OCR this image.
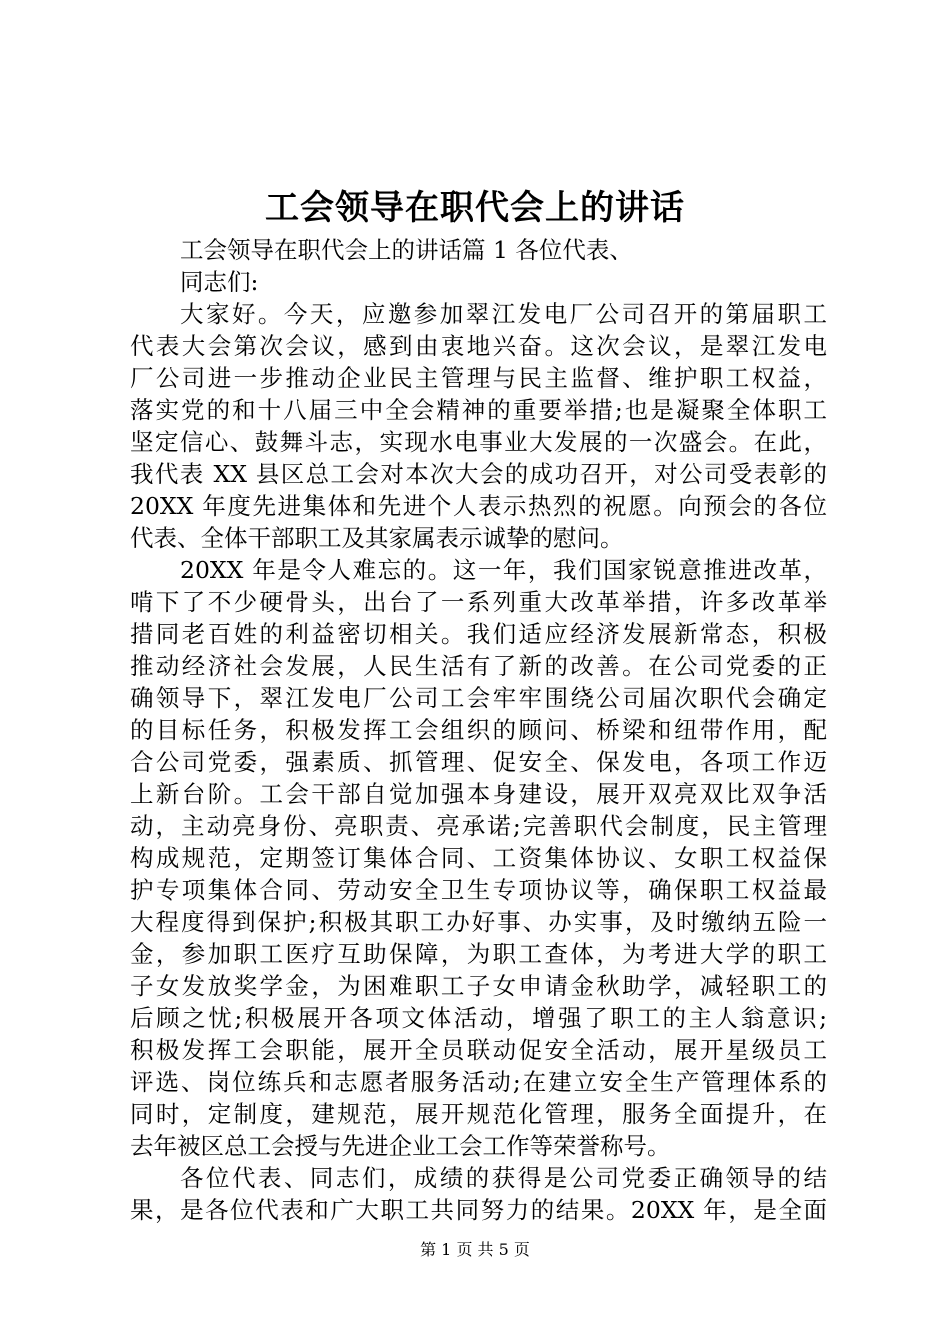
工会领导在职代会上的讲话
工会领导在职代会上的讲话篇 1 各位代表、
同志们:
大家好。今天，应邀参加翠江发电厂公司召开的第届职工
代表大会第次会议，感到由衷地兴奋。这次会议，是翠江发电
厂公司进一步推动企业民主管理与民主监督、维护职工权益，
落实党的和十八届三中全会精神的重要举措;也是凝聚全体职工
坚定信心、鼓舞斗志，实现水电事业大发展的一次盛会。在此，
我代表 XX 县区总工会对本次大会的成功召开，对公司受表彰的
20XX 年度先进集体和先进个人表示热烈的祝愿。向预会的各位
代表、全体干部职工及其家属表示诚挚的慰问。
20XX 年是令人难忘的。这一年，我们国家锐意推进改革，
啃下了不少硬骨头，出台了一系列重大改革举措，许多改革举
措同老百姓的利益密切相关。我们适应经济发展新常态，积极
推动经济社会发展，人民生活有了新的改善。在公司党委的正
确领导下，翠江发电厂公司工会牢牢围绕公司届次职代会确定
的目标任务，积极发挥工会组织的顾问、桥梁和纽带作用，配
合公司党委，强素质、抓管理、促安全、保发电，各项工作迈
上新台阶。工会干部自觉加强本身建设，展开双亮双比双争活
动，主动亮身份、亮职责、亮承诺;完善职代会制度，民主管理
构成规范，定期签订集体合同、工资集体协议、女职工权益保
护专项集体合同、劳动安全卫生专项协议等，确保职工权益最
大程度得到保护;积极其职工办好事、办实事，及时缴纳五险一
金，参加职工医疗互助保障，为职工查体，为考进大学的职工
子女发放奖学金，为困难职工子女申请金秋助学，减轻职工的
后顾之忧;积极展开各项文体活动，增强了职工的主人翁意识;
积极发挥工会职能，展开全员联动促安全活动，展开星级员工
评选、岗位练兵和志愿者服务活动;在建立安全生产管理体系的
同时，定制度，建规范，展开规范化管理，服务全面提升，在
去年被区总工会授与先进企业工会工作等荣誉称号。
各位代表、同志们，成绩的获得是公司党委正确领导的结
果，是各位代表和广大职工共同努力的结果。20XX 年，是全面
第 1 页 共 5 页
